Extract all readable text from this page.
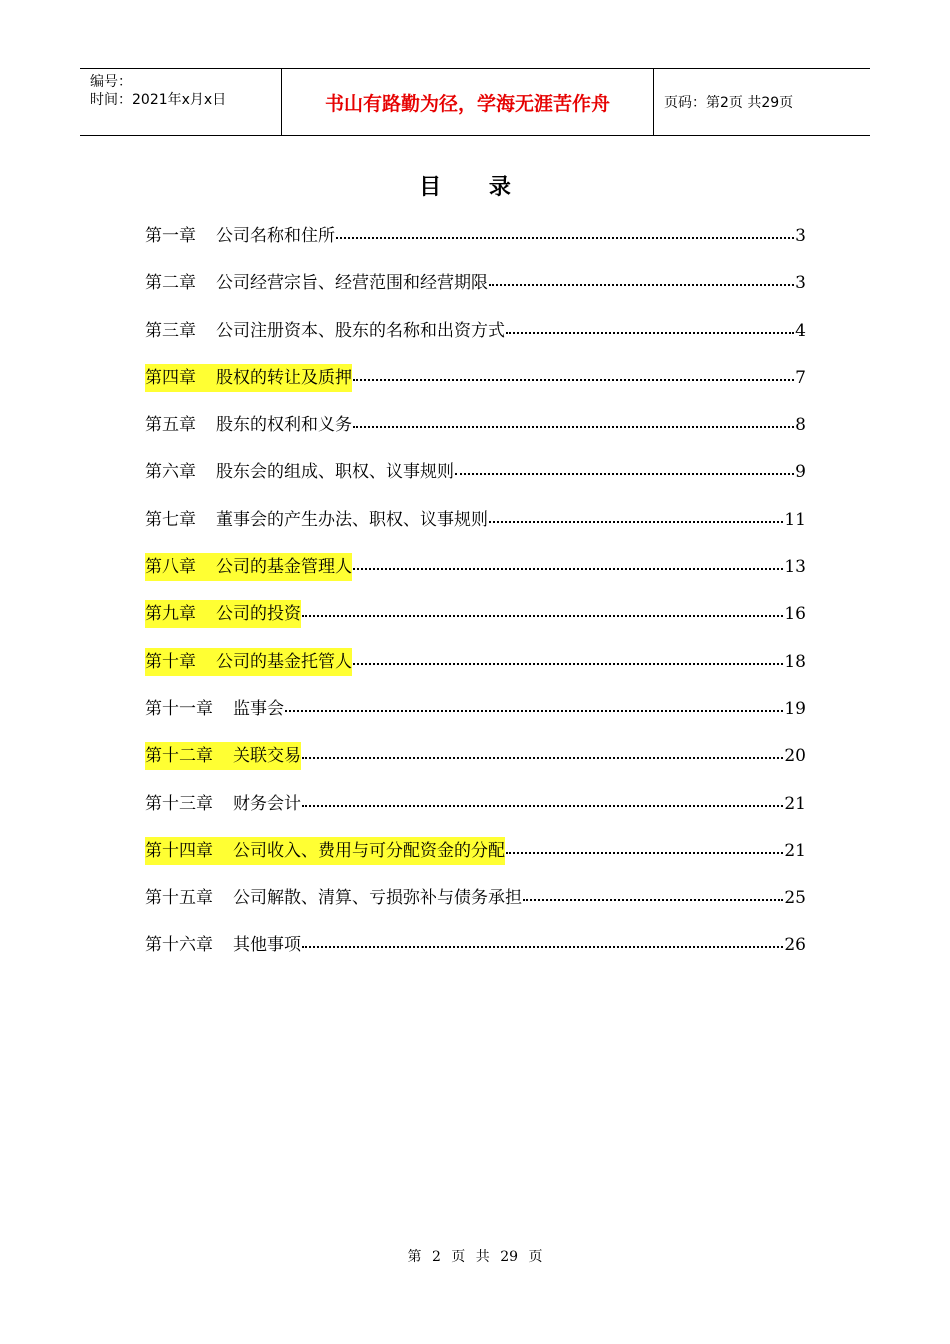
编号：
时间：2021年x月x日	书山有路勤为径，学海无涯苦作舟	页码：第2页 共29页
目 录
第一章 公司名称和住所	3
第二章 公司经营宗旨、经营范围和经营期限	3
第三章 公司注册资本、股东的名称和出资方式	4
第四章 股权的转让及质押	7
第五章 股东的权利和义务	8
第六章 股东会的组成、职权、议事规则	9
第七章 董事会的产生办法、职权、议事规则	11
第八章 公司的基金管理人	13
第九章 公司的投资	16
第十章 公司的基金托管人	18
第十一章 监事会	19
第十二章 关联交易	20
第十三章 财务会计	21
第十四章 公司收入、费用与可分配资金的分配	21
第十五章 公司解散、清算、亏损弥补与债务承担	25
第十六章 其他事项	26
第 2 页 共 29 页
